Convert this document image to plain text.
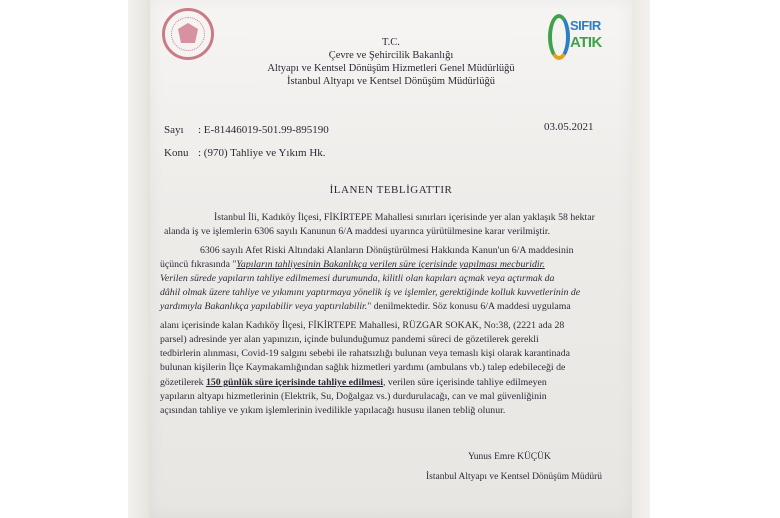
SIFIR
ATIK
T.C.
Çevre ve Şehircilik Bakanlığı
Altyapı ve Kentsel Dönüşüm Hizmetleri Genel Müdürlüğü
İstanbul Altyapı ve Kentsel Dönüşüm Müdürlüğü
Sayı : E-81446019-501.99-895190	03.05.2021
Konu : (970) Tahliye ve Yıkım Hk.
İLANEN TEBLİGATTIR
İstanbul İli, Kadıköy İlçesi, FİKİRTEPE Mahallesi sınırları içerisinde yer alan yaklaşık 58 hektar
alanda iş ve işlemlerin 6306 sayılı Kanunun 6/A maddesi uyarınca yürütülmesine karar verilmiştir.
6306 sayılı Afet Riski Altındaki Alanların Dönüştürülmesi Hakkında Kanun'un 6/A maddesinin
üçüncü fıkrasında "Yapıların tahliyesinin Bakanlıkça verilen süre içerisinde yapılması mecburidir.
Verilen sürede yapıların tahliye edilmemesi durumunda, kilitli olan kapıları açmak veya açtırmak da
dâhil olmak üzere tahliye ve yıkımını yaptırmaya yönelik iş ve işlemler, gerektiğinde kolluk kuvvetlerinin de
yardımıyla Bakanlıkça yapılabilir veya yaptırılabilir." denilmektedir. Söz konusu 6/A maddesi uygulama
alanı içerisinde kalan Kadıköy İlçesi, FİKİRTEPE Mahallesi, RÜZGAR SOKAK, No:38, (2221 ada 28
parsel) adresinde yer alan yapınızın, içinde bulunduğumuz pandemi süreci de gözetilerek gerekli
tedbirlerin alınması, Covid-19 salgını sebebi ile rahatsızlığı bulunan veya temaslı kişi olarak karantinada
bulunan kişilerin İlçe Kaymakamlığından sağlık hizmetleri yardımı (ambulans vb.) talep edebileceği de
gözetilerek 150 günlük süre içerisinde tahliye edilmesi, verilen süre içerisinde tahliye edilmeyen
yapıların altyapı hizmetlerinin (Elektrik, Su, Doğalgaz vs.) durdurulacağı, can ve mal güvenliğinin
açısından tahliye ve yıkım işlemlerinin ivedilikle yapılacağı hususu ilanen tebliğ olunur.
Yunus Emre KÜÇÜK
İstanbul Altyapı ve Kentsel Dönüşüm Müdürü
